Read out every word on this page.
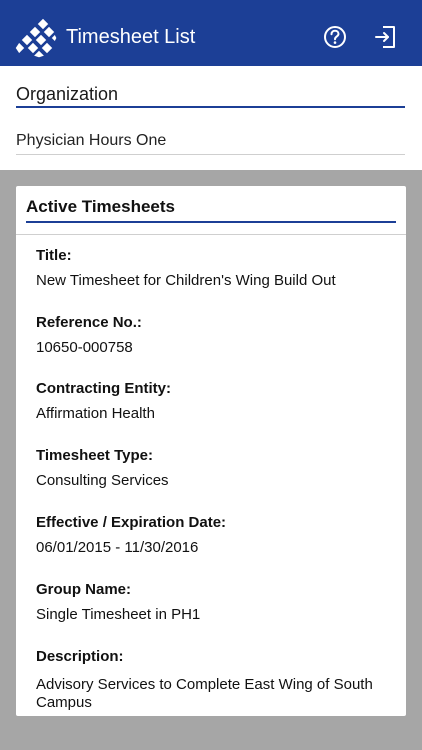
Timesheet List
Organization
Physician Hours One
Active Timesheets
Title:
New Timesheet for Children's Wing Build Out
Reference No.:
10650-000758
Contracting Entity:
Affirmation Health
Timesheet Type:
Consulting Services
Effective / Expiration Date:
06/01/2015 - 11/30/2016
Group Name:
Single Timesheet in PH1
Description:
Advisory Services to Complete East Wing of South Campus
